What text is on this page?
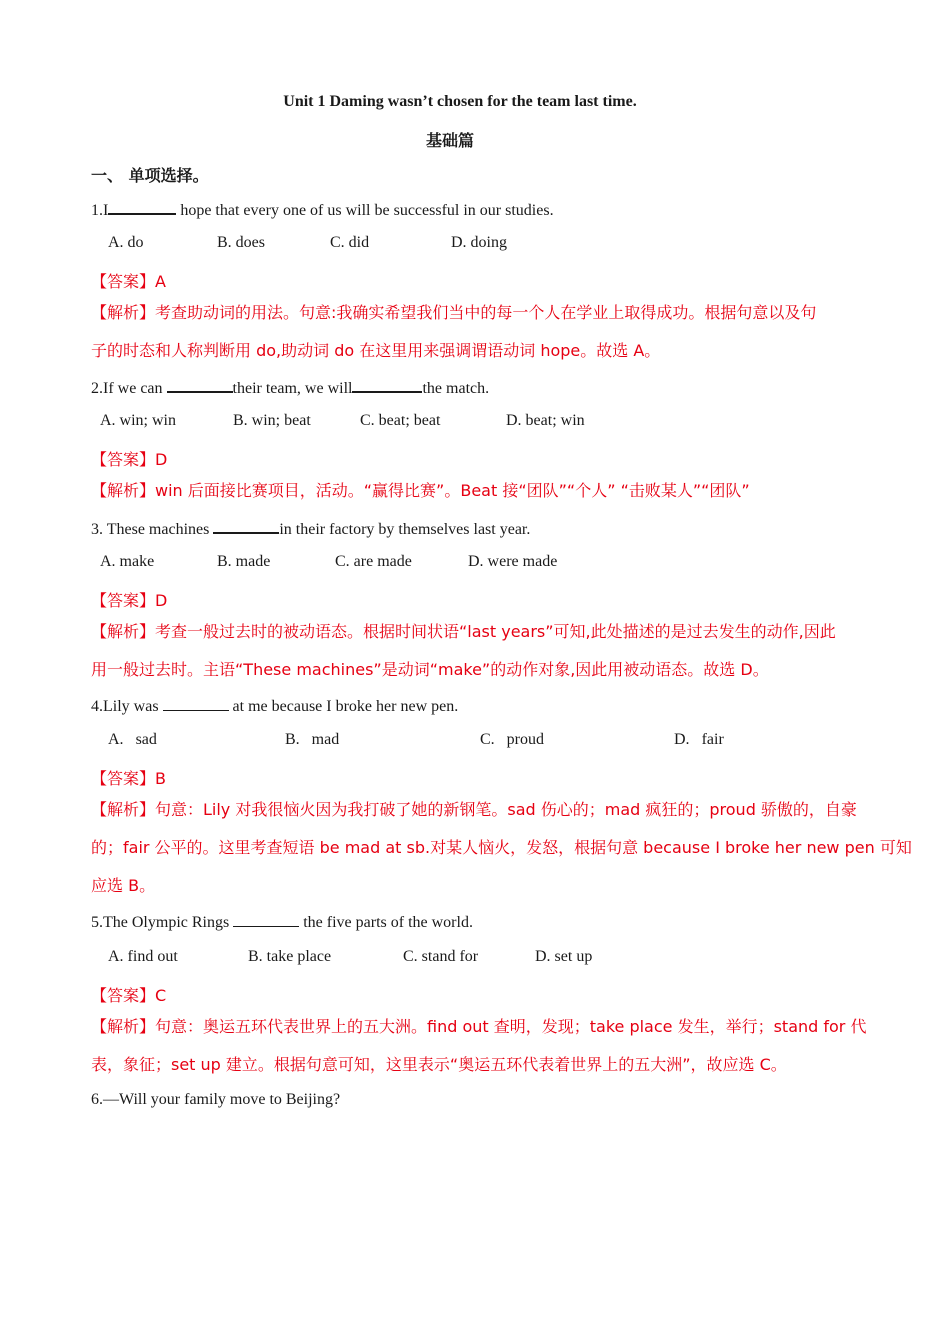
Unit 1 Daming wasn’t chosen for the team last time.
基础篇
一、 单项选择。
1.I	hope that every one of us will be successful in our studies.
A. do	B. does	C. did	D. doing
【答案】A
【解析】考查助动词的用法。句意:我确实希望我们当中的每一个人在学业上取得成功。根据句意以及句
子的时态和人称判断用 do,助动词 do 在这里用来强调谓语动词 hope。故选 A。
2.If we can	their team, we will	the match.
A. win; win	B. win; beat	C. beat; beat	D. beat; win
【答案】D
【解析】win 后面接比赛项目，活动。“赢得比赛”。Beat 接“团队”“个人” “击败某人”“团队”
3. These machines	in their factory by themselves last year.
A. make	B. made	C. are made	D. were made
【答案】D
【解析】考查一般过去时的被动语态。根据时间状语“last years”可知,此处描述的是过去发生的动作,因此
用一般过去时。主语“These machines”是动词“make”的动作对象,因此用被动语态。故选 D。
4.Lily was	at me because I broke her new pen.
A. sad	B. mad	C. proud	D. fair
【答案】B
【解析】句意：Lily 对我很恼火因为我打破了她的新钢笔。sad 伤心的；mad 疯狂的；proud 骄傲的，自豪
的；fair 公平的。这里考查短语 be mad at sb.对某人恼火，发怒，根据句意 because I broke her new pen 可知
应选 B。
5.The Olympic Rings	the five parts of the world.
A. find out	B. take place	C. stand for	D. set up
【答案】C
【解析】句意：奥运五环代表世界上的五大洲。find out 查明，发现；take place 发生，举行；stand for 代
表，象征；set up 建立。根据句意可知，这里表示“奥运五环代表着世界上的五大洲”，故应选 C。
6.—Will your family move to Beijing?
